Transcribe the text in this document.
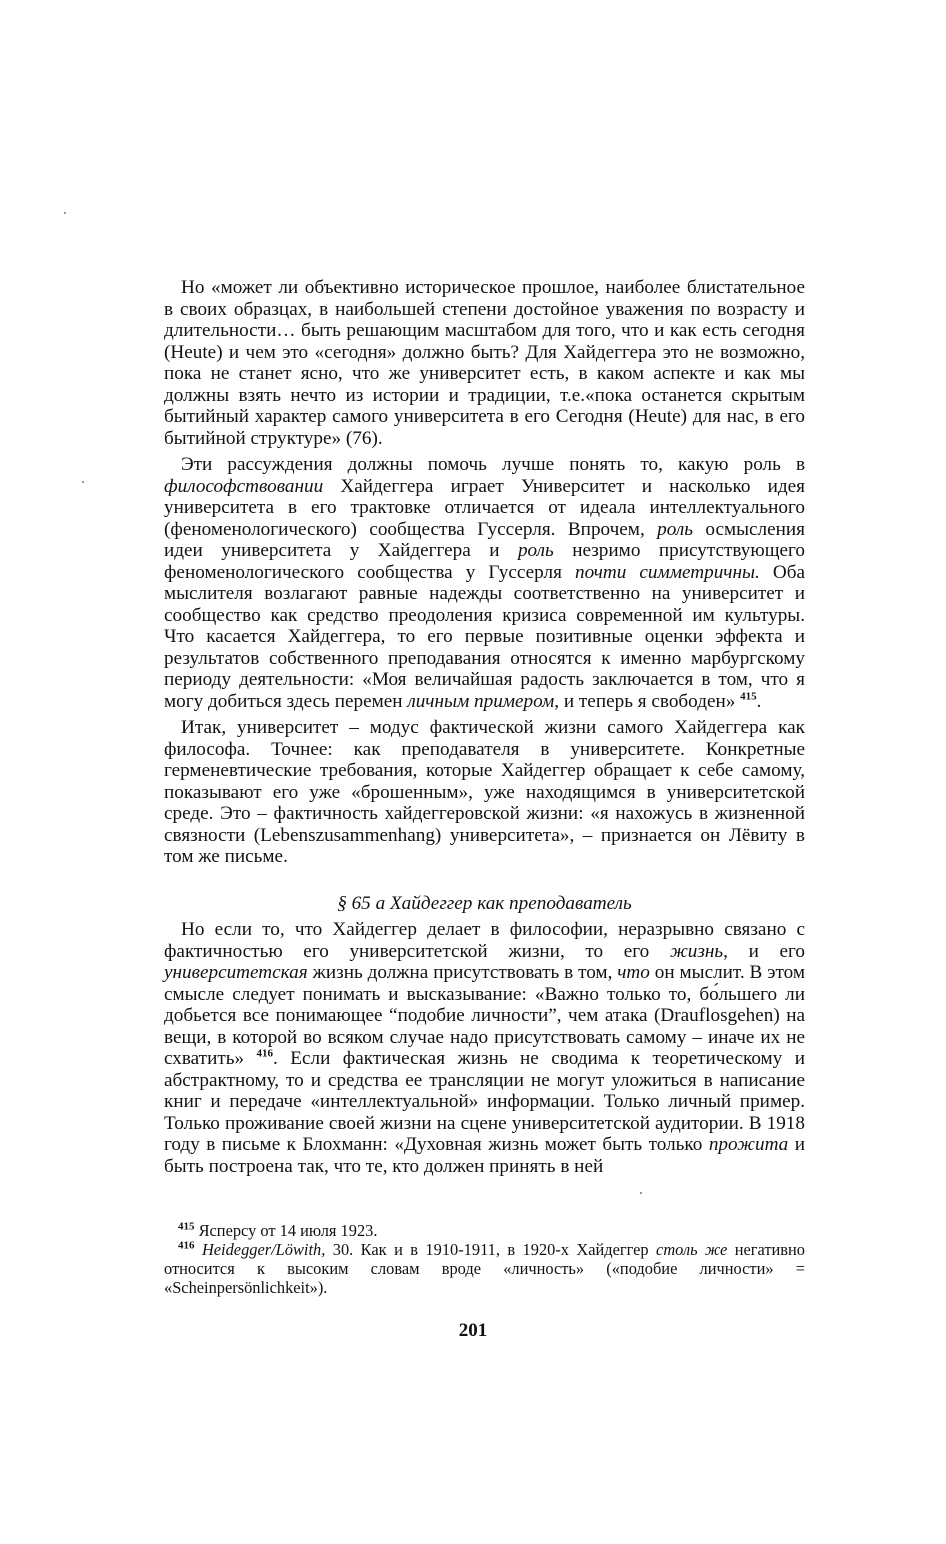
Но «может ли объективно историческое прошлое, наиболее блистательное в своих образцах, в наибольшей степени достойное уважения по возрасту и длительности… быть решающим масштабом для того, что и как есть сегодня (Heute) и чем это «сегодня» должно быть? Для Хайдеггера это не возможно, пока не станет ясно, что же университет есть, в каком аспекте и как мы должны взять нечто из истории и традиции, т.е.«пока останется скрытым бытийный характер самого университета в его Сегодня (Heute) для нас, в его бытийной структуре» (76).

Эти рассуждения должны помочь лучше понять то, какую роль в философствовании Хайдеггера играет Университет и насколько идея университета в его трактовке отличается от идеала интеллектуального (феноменологического) сообщества Гуссерля. Впрочем, роль осмысления идеи университета у Хайдеггера и роль незримо присутствующего феноменологического сообщества у Гуссерля почти симметричны. Оба мыслителя возлагают равные надежды соответственно на университет и сообщество как средство преодоления кризиса современной им культуры. Что касается Хайдеггера, то его первые позитивные оценки эффекта и результатов собственного преподавания относятся к именно марбургскому периоду деятельности: «Моя величайшая радость заключается в том, что я могу добиться здесь перемен личным примером, и теперь я свободен» $^{415}$.

Итак, университет – модус фактической жизни самого Хайдеггера как философа. Точнее: как преподавателя в университете. Конкретные герменевтические требования, которые Хайдеггер обращает к себе самому, показывают его уже «брошенным», уже находящимся в университетской среде. Это – фактичность хайдеггеровской жизни: «я нахожусь в жизненной связности (Lebenszusammenhang) университета», – признается он Лёвиту в том же письме.

§ 65 а Хайдеггер как преподаватель

Но если то, что Хайдеггер делает в философии, неразрывно связано с фактичностью его университетской жизни, то его жизнь, и его университетская жизнь должна присутствовать в том, что он мыслит. В этом смысле следует понимать и высказывание: «Важно только то, бо́льшего ли добьется все понимающее “подобие личности”, чем атака (Drauflosgehen) на вещи, в которой во всяком случае надо присутствовать самому – иначе их не схватить» $^{416}$. Если фактическая жизнь не сводима к теоретическому и абстрактному, то и средства ее трансляции не могут уложиться в написание книг и передаче «интеллектуальной» информации. Только личный пример. Только проживание своей жизни на сцене университетской аудитории. В 1918 году в письме к Блохманн: «Духовная жизнь может быть только прожита и быть построена так, что те, кто должен принять в ней

$^{415}$ Ясперсу от 14 июля 1923.

$^{416}$ Heidegger/Löwith, 30. Как и в 1910-1911, в 1920-х Хайдеггер столь же негативно относится к высоким словам вроде «личность» («подобие личности» = «Scheinpersönlichkeit»).

201
